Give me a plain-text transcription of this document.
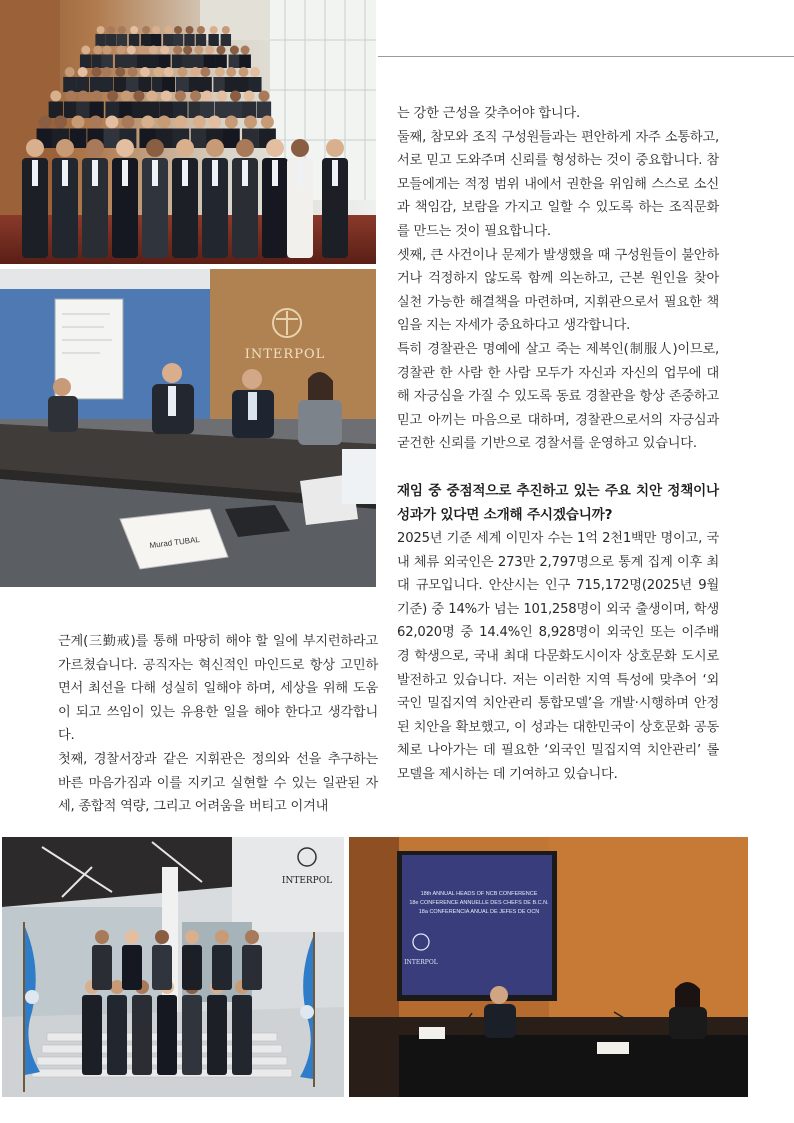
INTERPOL
Murad TUBAL

는 강한 근성을 갖추어야 합니다.

둘째, 참모와 조직 구성원들과는 편안하게 자주 소통하고, 서로 믿고 도와주며 신뢰를 형성하는 것이 중요합니다. 참모들에게는 적정 범위 내에서 권한을 위임해 스스로 소신과 책임감, 보람을 가지고 일할 수 있도록 하는 조직문화를 만드는 것이 필요합니다.

셋째, 큰 사건이나 문제가 발생했을 때 구성원들이 불안하거나 걱정하지 않도록 함께 의논하고, 근본 원인을 찾아 실천 가능한 해결책을 마련하며, 지휘관으로서 필요한 책임을 지는 자세가 중요하다고 생각합니다.

특히 경찰관은 명예에 살고 죽는 제복인(制服人)이므로, 경찰관 한 사람 한 사람 모두가 자신과 자신의 업무에 대해 자긍심을 가질 수 있도록 동료 경찰관을 항상 존중하고 믿고 아끼는 마음으로 대하며, 경찰관으로서의 자긍심과 굳건한 신뢰를 기반으로 경찰서를 운영하고 있습니다.

재임 중 중점적으로 추진하고 있는 주요 치안 정책이나 성과가 있다면 소개해 주시겠습니까?

2025년 기준 세계 이민자 수는 1억 2천1백만 명이고, 국내 체류 외국인은 273만 2,797명으로 통계 집계 이후 최대 규모입니다. 안산시는 인구 715,172명(2025년 9월 기준) 중 14%가 넘는 101,258명이 외국 출생이며, 학생 62,020명 중 14.4%인 8,928명이 외국인 또는 이주배경 학생으로, 국내 최대 다문화도시이자 상호문화 도시로 발전하고 있습니다. 저는 이러한 지역 특성에 맞추어 ‘외국인 밀집지역 치안관리 통합모델’을 개발·시행하며 안정된 치안을 확보했고, 이 성과는 대한민국이 상호문화 공동체로 나아가는 데 필요한 ‘외국인 밀집지역 치안관리’ 롤모델을 제시하는 데 기여하고 있습니다.

근계(三勤戒)를 통해 마땅히 해야 할 일에 부지런하라고 가르쳤습니다. 공직자는 혁신적인 마인드로 항상 고민하면서 최선을 다해 성실히 일해야 하며, 세상을 위해 도움이 되고 쓰임이 있는 유용한 일을 해야 한다고 생각합니다.

첫째, 경찰서장과 같은 지휘관은 정의와 선을 추구하는 바른 마음가짐과 이를 지키고 실현할 수 있는 일관된 자세, 종합적 역량, 그리고 어려움을 버티고 이겨내

INTERPOL
18th ANNUAL HEADS OF NCB CONFERENCE
18e CONFERENCE ANNUELLE DES CHEFS DE B.C.N.
18a CONFERENCIA ANUAL DE JEFES DE OCN
INTERPOL
